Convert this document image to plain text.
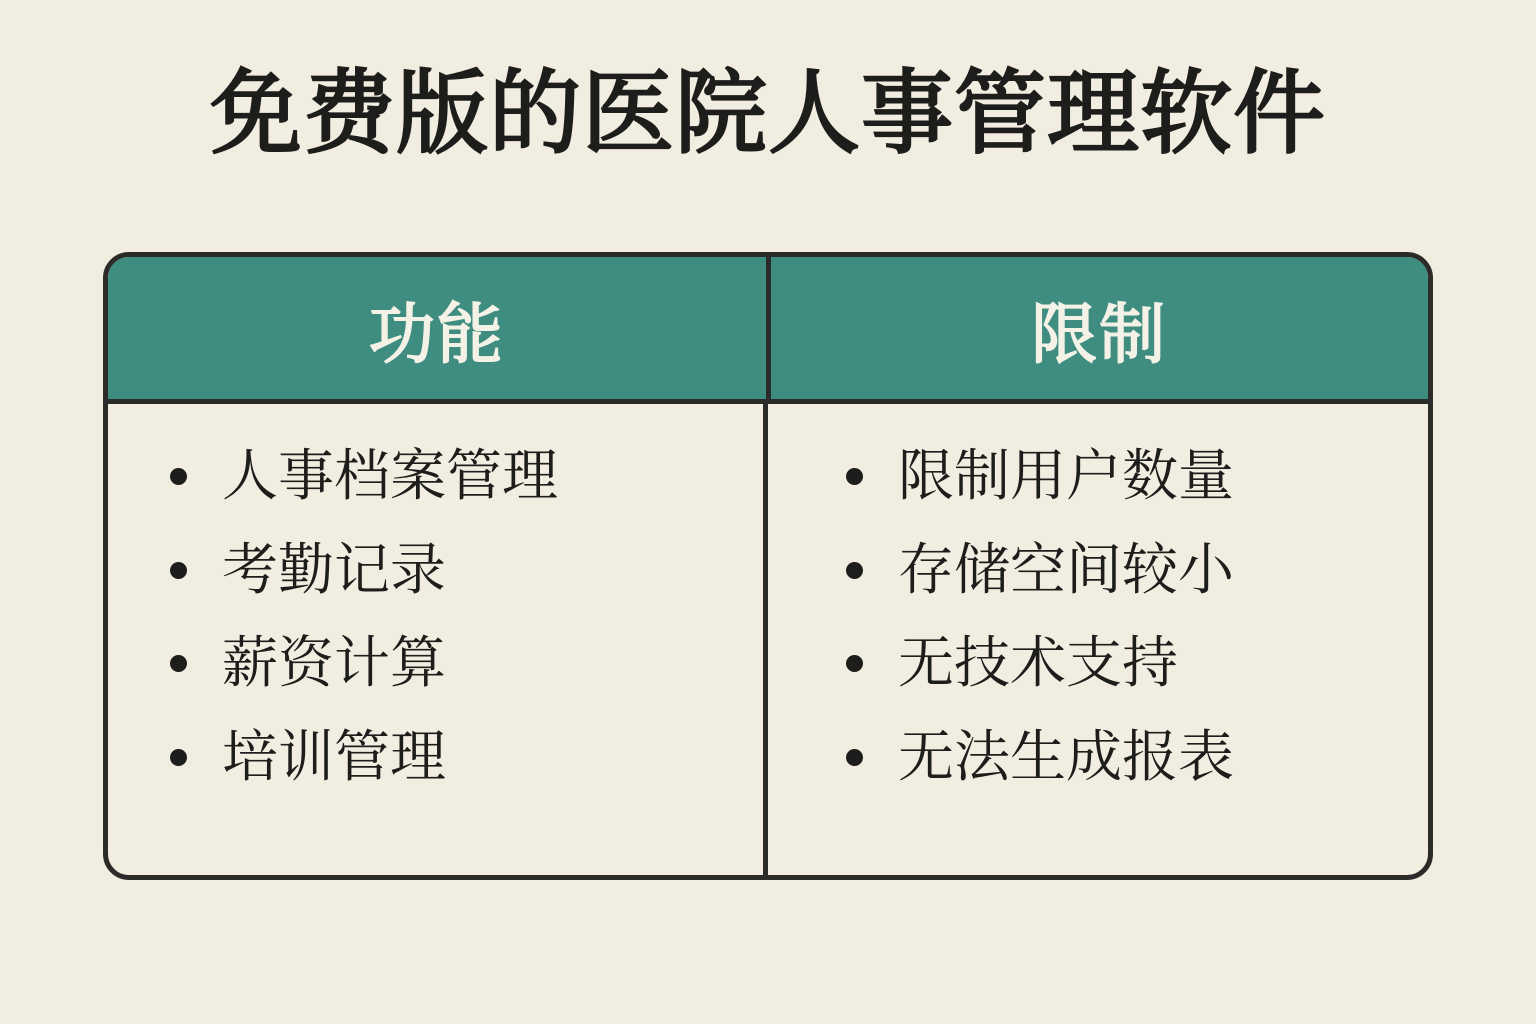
免费版的医院人事管理软件
功能	限制
人事档案管理
考勤记录
薪资计算
培训管理
限制用户数量
存储空间较小
无技术支持
无法生成报表
